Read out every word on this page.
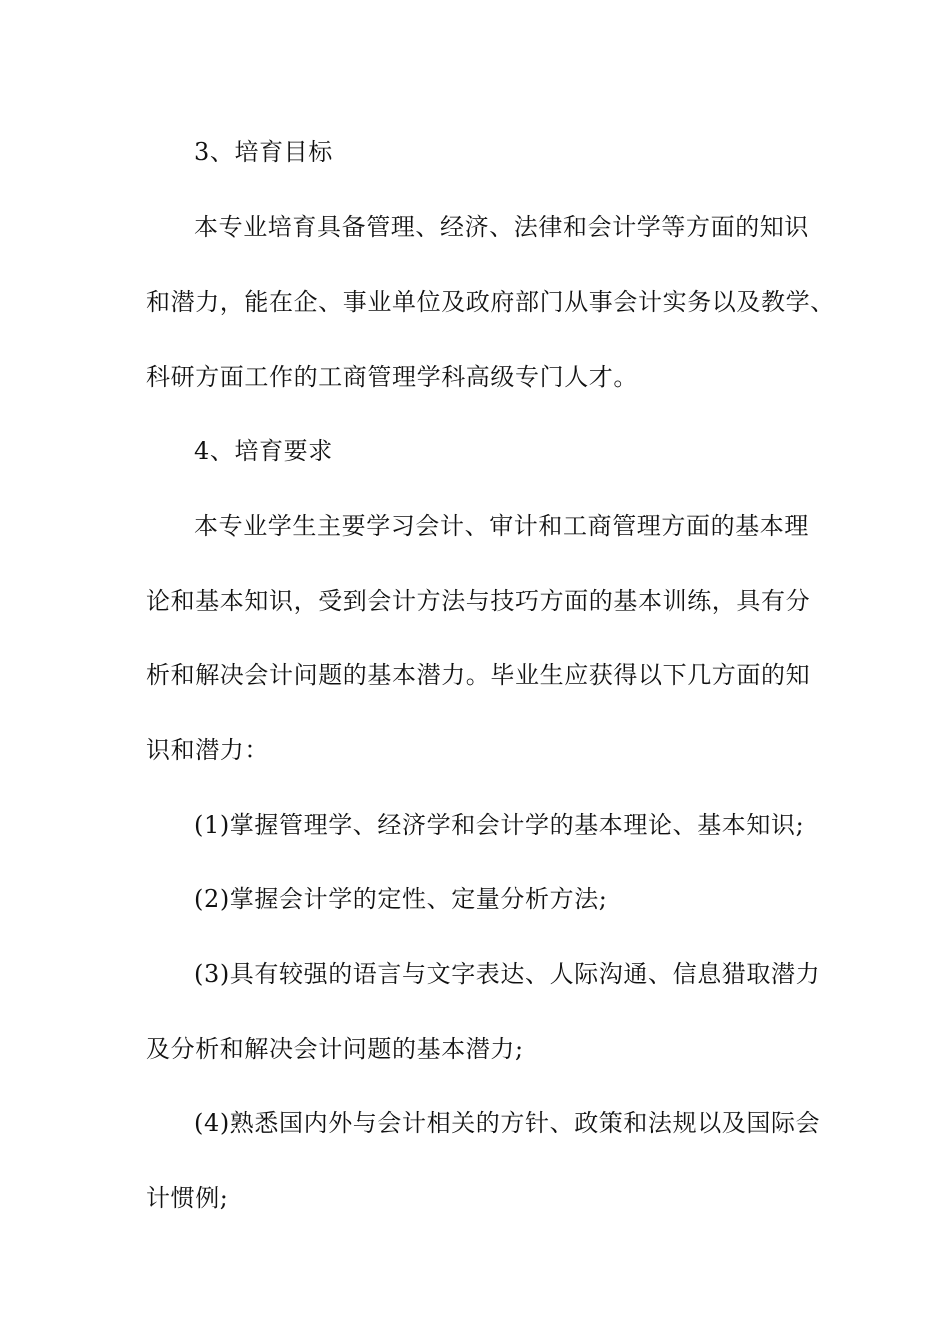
3、培育目标
本专业培育具备管理、经济、法律和会计学等方面的知识
和潜力，能在企、事业单位及政府部门从事会计实务以及教学、
科研方面工作的工商管理学科高级专门人才。
4、培育要求
本专业学生主要学习会计、审计和工商管理方面的基本理
论和基本知识，受到会计方法与技巧方面的基本训练，具有分
析和解决会计问题的基本潜力。毕业生应获得以下几方面的知
识和潜力：
(1)掌握管理学、经济学和会计学的基本理论、基本知识;
(2)掌握会计学的定性、定量分析方法;
(3)具有较强的语言与文字表达、人际沟通、信息猎取潜力
及分析和解决会计问题的基本潜力;
(4)熟悉国内外与会计相关的方针、政策和法规以及国际会
计惯例;
